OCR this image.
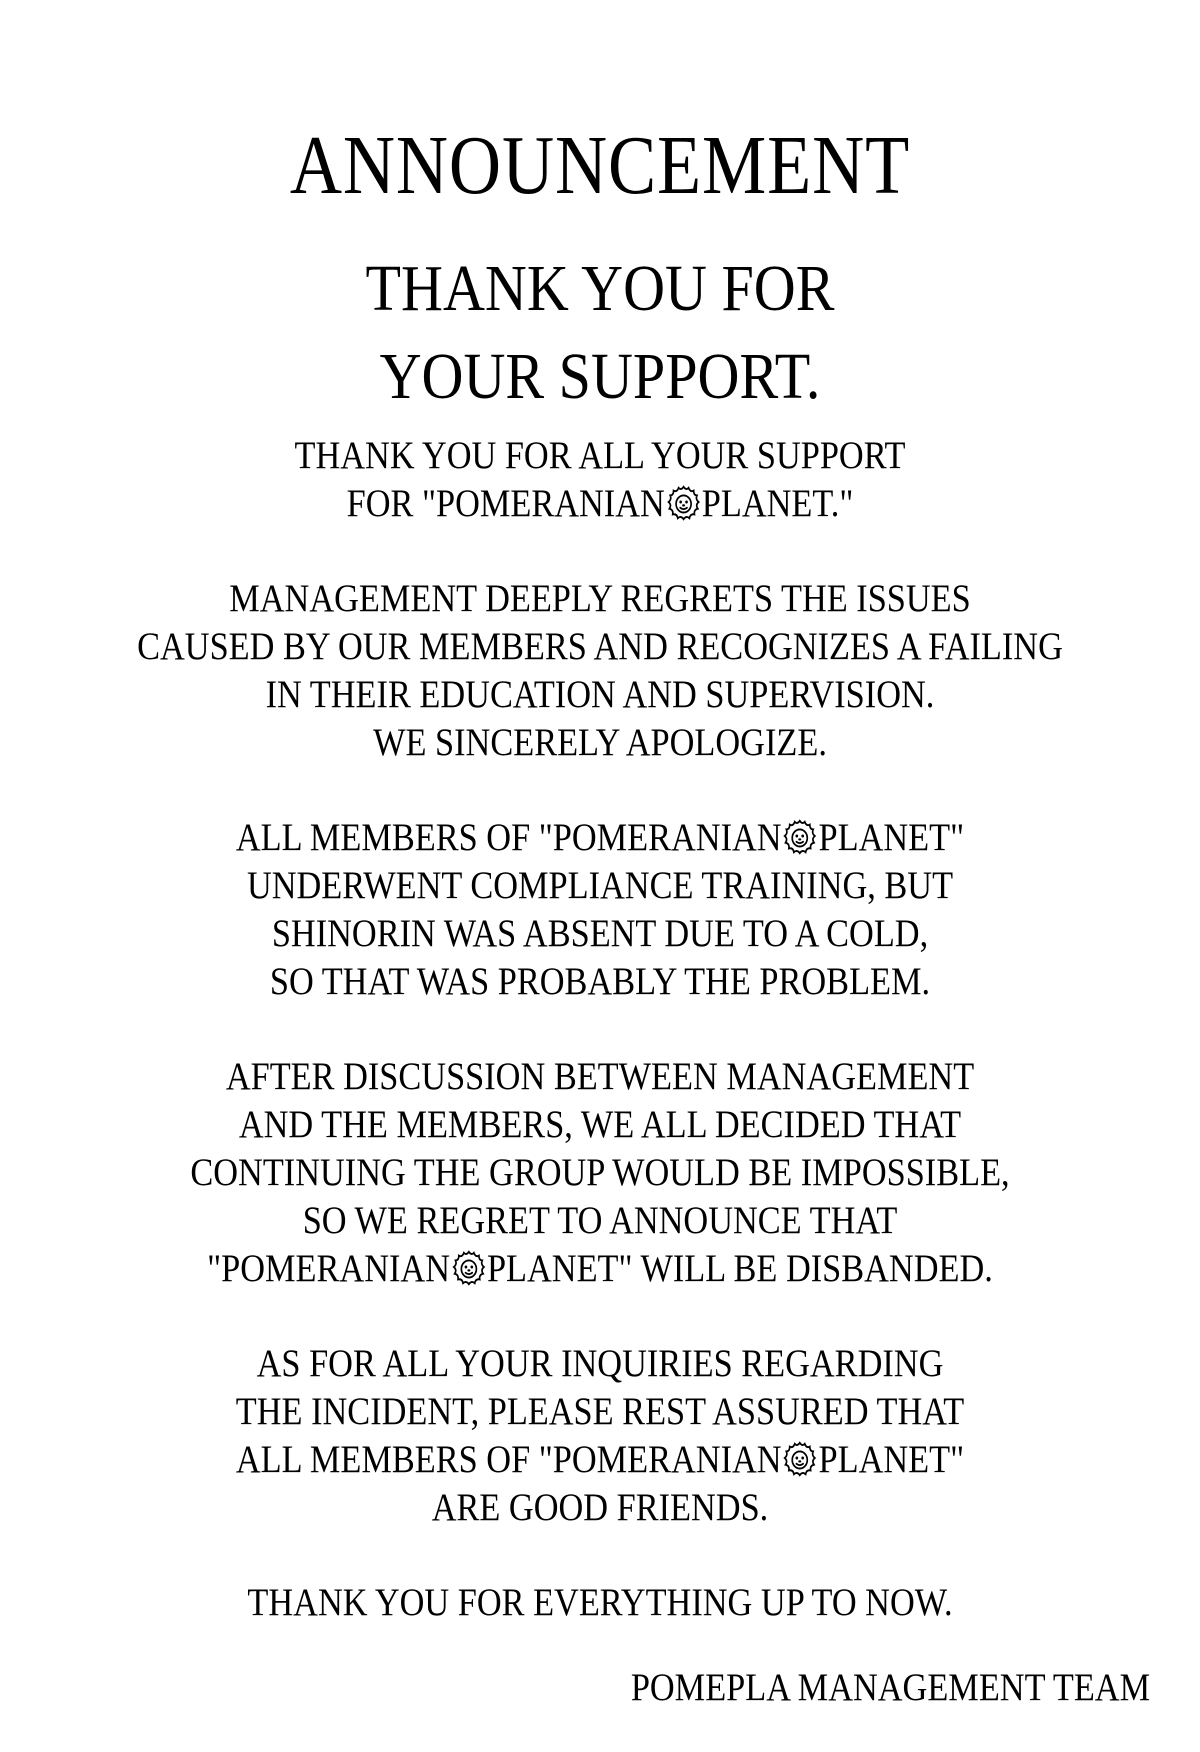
ANNOUNCEMENT
THANK YOU FOR
YOUR SUPPORT.
THANK YOU FOR ALL YOUR SUPPORT
FOR "POMERANIAN PLANET."
MANAGEMENT DEEPLY REGRETS THE ISSUES
CAUSED BY OUR MEMBERS AND RECOGNIZES A FAILING
IN THEIR EDUCATION AND SUPERVISION.
WE SINCERELY APOLOGIZE.
ALL MEMBERS OF "POMERANIAN PLANET"
UNDERWENT COMPLIANCE TRAINING, BUT
SHINORIN WAS ABSENT DUE TO A COLD,
SO THAT WAS PROBABLY THE PROBLEM.
AFTER DISCUSSION BETWEEN MANAGEMENT
AND THE MEMBERS, WE ALL DECIDED THAT
CONTINUING THE GROUP WOULD BE IMPOSSIBLE,
SO WE REGRET TO ANNOUNCE THAT
"POMERANIAN PLANET" WILL BE DISBANDED.
AS FOR ALL YOUR INQUIRIES REGARDING
THE INCIDENT, PLEASE REST ASSURED THAT
ALL MEMBERS OF "POMERANIAN PLANET"
ARE GOOD FRIENDS.
THANK YOU FOR EVERYTHING UP TO NOW.
POMEPLA MANAGEMENT TEAM
